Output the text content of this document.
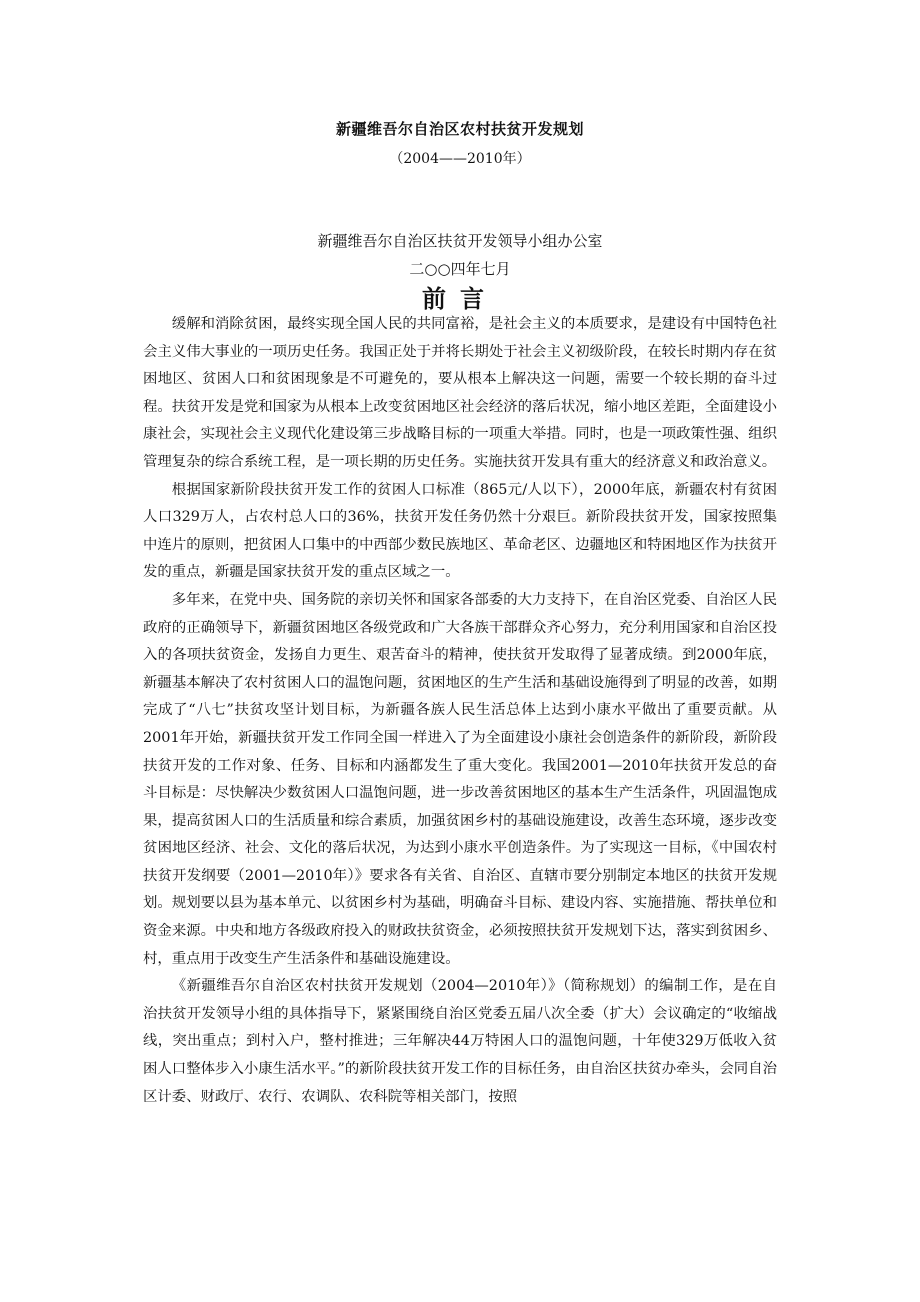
新疆维吾尔自治区农村扶贫开发规划
（2004——2010年）
新疆维吾尔自治区扶贫开发领导小组办公室
二○○四年七月
前言

缓解和消除贫困，最终实现全国人民的共同富裕，是社会主义的本质要求，是建设有中国特色社会主义伟大事业的一项历史任务。我国正处于并将长期处于社会主义初级阶段，在较长时期内存在贫困地区、贫困人口和贫困现象是不可避免的，要从根本上解决这一问题，需要一个较长期的奋斗过程。扶贫开发是党和国家为从根本上改变贫困地区社会经济的落后状况，缩小地区差距，全面建设小康社会，实现社会主义现代化建设第三步战略目标的一项重大举措。同时，也是一项政策性强、组织管理复杂的综合系统工程，是一项长期的历史任务。实施扶贫开发具有重大的经济意义和政治意义。

根据国家新阶段扶贫开发工作的贫困人口标准（865元/人以下），2000年底，新疆农村有贫困人口329万人，占农村总人口的36%，扶贫开发任务仍然十分艰巨。新阶段扶贫开发，国家按照集中连片的原则，把贫困人口集中的中西部少数民族地区、革命老区、边疆地区和特困地区作为扶贫开发的重点，新疆是国家扶贫开发的重点区域之一。

多年来，在党中央、国务院的亲切关怀和国家各部委的大力支持下，在自治区党委、自治区人民政府的正确领导下，新疆贫困地区各级党政和广大各族干部群众齐心努力，充分利用国家和自治区投入的各项扶贫资金，发扬自力更生、艰苦奋斗的精神，使扶贫开发取得了显著成绩。到2000年底，新疆基本解决了农村贫困人口的温饱问题，贫困地区的生产生活和基础设施得到了明显的改善，如期完成了“八七”扶贫攻坚计划目标，为新疆各族人民生活总体上达到小康水平做出了重要贡献。从2001年开始，新疆扶贫开发工作同全国一样进入了为全面建设小康社会创造条件的新阶段，新阶段扶贫开发的工作对象、任务、目标和内涵都发生了重大变化。我国2001—2010年扶贫开发总的奋斗目标是：尽快解决少数贫困人口温饱问题，进一步改善贫困地区的基本生产生活条件，巩固温饱成果，提高贫困人口的生活质量和综合素质，加强贫困乡村的基础设施建设，改善生态环境，逐步改变贫困地区经济、社会、文化的落后状况，为达到小康水平创造条件。为了实现这一目标，《中国农村扶贫开发纲要（2001—2010年）》要求各有关省、自治区、直辖市要分别制定本地区的扶贫开发规划。规划要以县为基本单元、以贫困乡村为基础，明确奋斗目标、建设内容、实施措施、帮扶单位和资金来源。中央和地方各级政府投入的财政扶贫资金，必须按照扶贫开发规划下达，落实到贫困乡、村，重点用于改变生产生活条件和基础设施建设。

《新疆维吾尔自治区农村扶贫开发规划（2004—2010年）》（简称规划）的编制工作，是在自治扶贫开发领导小组的具体指导下，紧紧围绕自治区党委五届八次全委（扩大）会议确定的“收缩战线，突出重点；到村入户，整村推进；三年解决44万特困人口的温饱问题，十年使329万低收入贫困人口整体步入小康生活水平。”的新阶段扶贫开发工作的目标任务，由自治区扶贫办牵头，会同自治区计委、财政厅、农行、农调队、农科院等相关部门，按照
